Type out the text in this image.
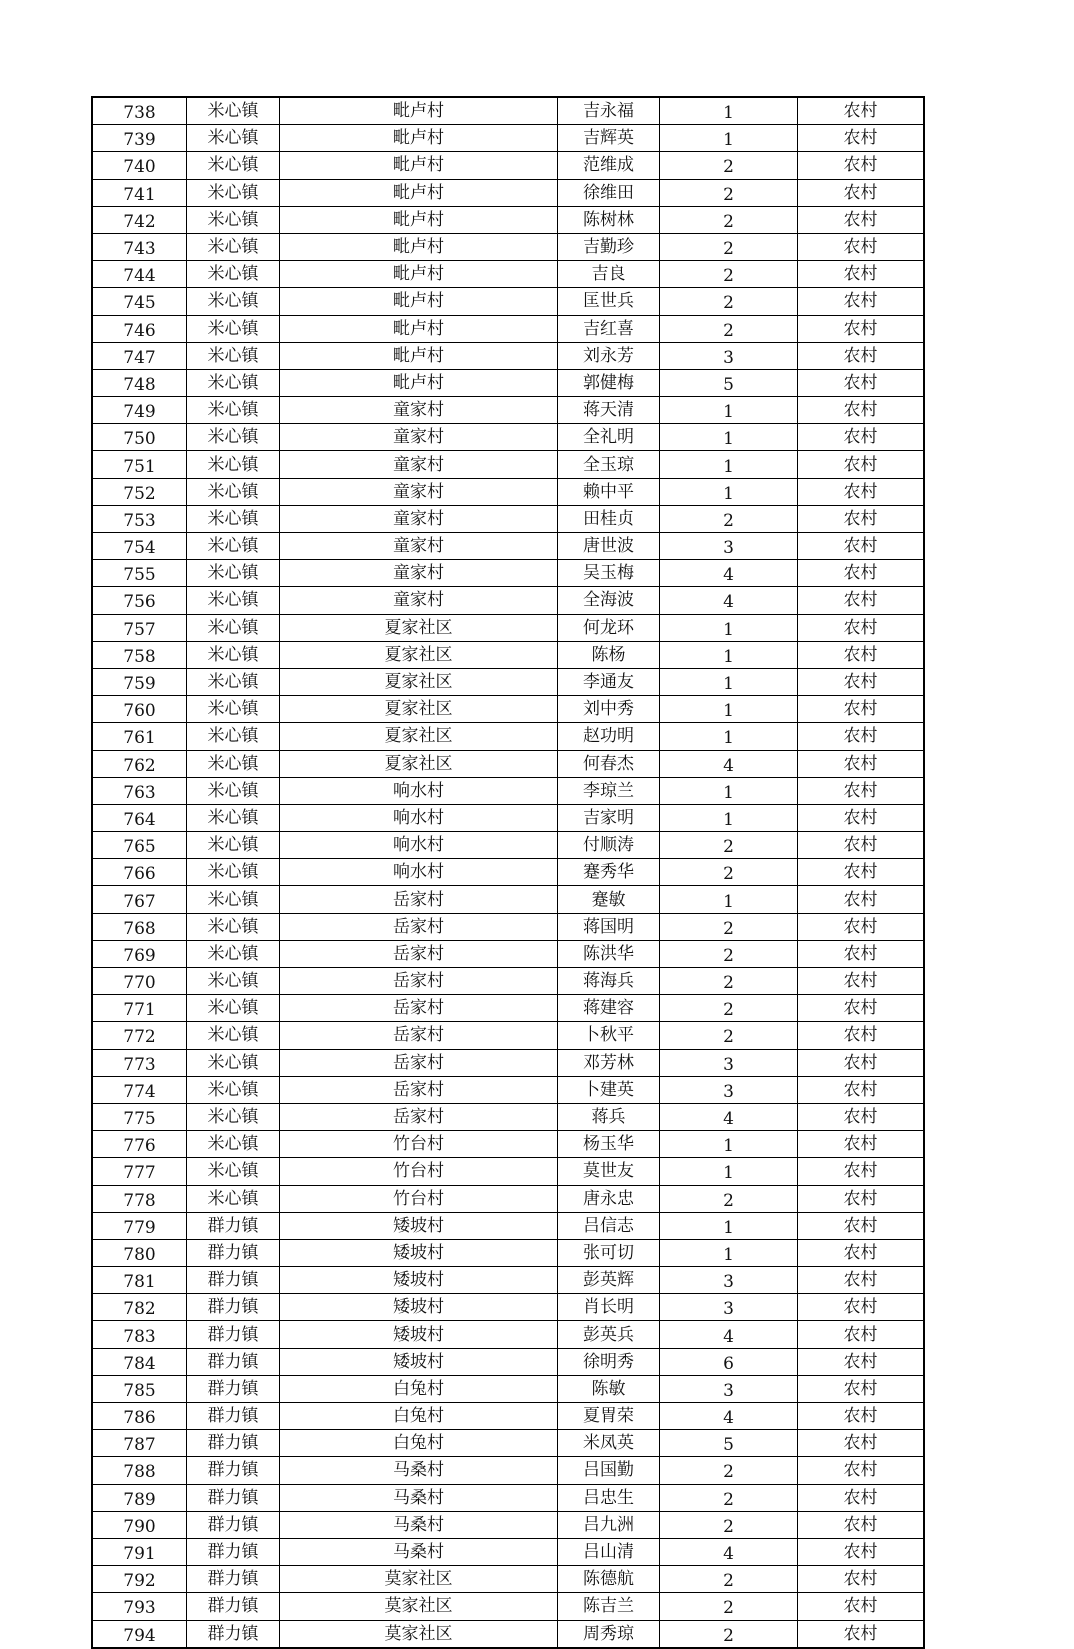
738	米心镇	毗卢村	吉永福	1	农村
739	米心镇	毗卢村	吉辉英	1	农村
740	米心镇	毗卢村	范维成	2	农村
741	米心镇	毗卢村	徐维田	2	农村
742	米心镇	毗卢村	陈树林	2	农村
743	米心镇	毗卢村	吉勤珍	2	农村
744	米心镇	毗卢村	吉良	2	农村
745	米心镇	毗卢村	匡世兵	2	农村
746	米心镇	毗卢村	吉红喜	2	农村
747	米心镇	毗卢村	刘永芳	3	农村
748	米心镇	毗卢村	郭健梅	5	农村
749	米心镇	童家村	蒋天清	1	农村
750	米心镇	童家村	全礼明	1	农村
751	米心镇	童家村	全玉琼	1	农村
752	米心镇	童家村	赖中平	1	农村
753	米心镇	童家村	田桂贞	2	农村
754	米心镇	童家村	唐世波	3	农村
755	米心镇	童家村	吴玉梅	4	农村
756	米心镇	童家村	全海波	4	农村
757	米心镇	夏家社区	何龙环	1	农村
758	米心镇	夏家社区	陈杨	1	农村
759	米心镇	夏家社区	李通友	1	农村
760	米心镇	夏家社区	刘中秀	1	农村
761	米心镇	夏家社区	赵功明	1	农村
762	米心镇	夏家社区	何春杰	4	农村
763	米心镇	响水村	李琼兰	1	农村
764	米心镇	响水村	吉家明	1	农村
765	米心镇	响水村	付顺涛	2	农村
766	米心镇	响水村	蹇秀华	2	农村
767	米心镇	岳家村	蹇敏	1	农村
768	米心镇	岳家村	蒋国明	2	农村
769	米心镇	岳家村	陈洪华	2	农村
770	米心镇	岳家村	蒋海兵	2	农村
771	米心镇	岳家村	蒋建容	2	农村
772	米心镇	岳家村	卜秋平	2	农村
773	米心镇	岳家村	邓芳林	3	农村
774	米心镇	岳家村	卜建英	3	农村
775	米心镇	岳家村	蒋兵	4	农村
776	米心镇	竹台村	杨玉华	1	农村
777	米心镇	竹台村	莫世友	1	农村
778	米心镇	竹台村	唐永忠	2	农村
779	群力镇	矮坡村	吕信志	1	农村
780	群力镇	矮坡村	张可切	1	农村
781	群力镇	矮坡村	彭英辉	3	农村
782	群力镇	矮坡村	肖长明	3	农村
783	群力镇	矮坡村	彭英兵	4	农村
784	群力镇	矮坡村	徐明秀	6	农村
785	群力镇	白兔村	陈敏	3	农村
786	群力镇	白兔村	夏胃荣	4	农村
787	群力镇	白兔村	米凤英	5	农村
788	群力镇	马桑村	吕国勤	2	农村
789	群力镇	马桑村	吕忠生	2	农村
790	群力镇	马桑村	吕九洲	2	农村
791	群力镇	马桑村	吕山清	4	农村
792	群力镇	莫家社区	陈德航	2	农村
793	群力镇	莫家社区	陈吉兰	2	农村
794	群力镇	莫家社区	周秀琼	2	农村
